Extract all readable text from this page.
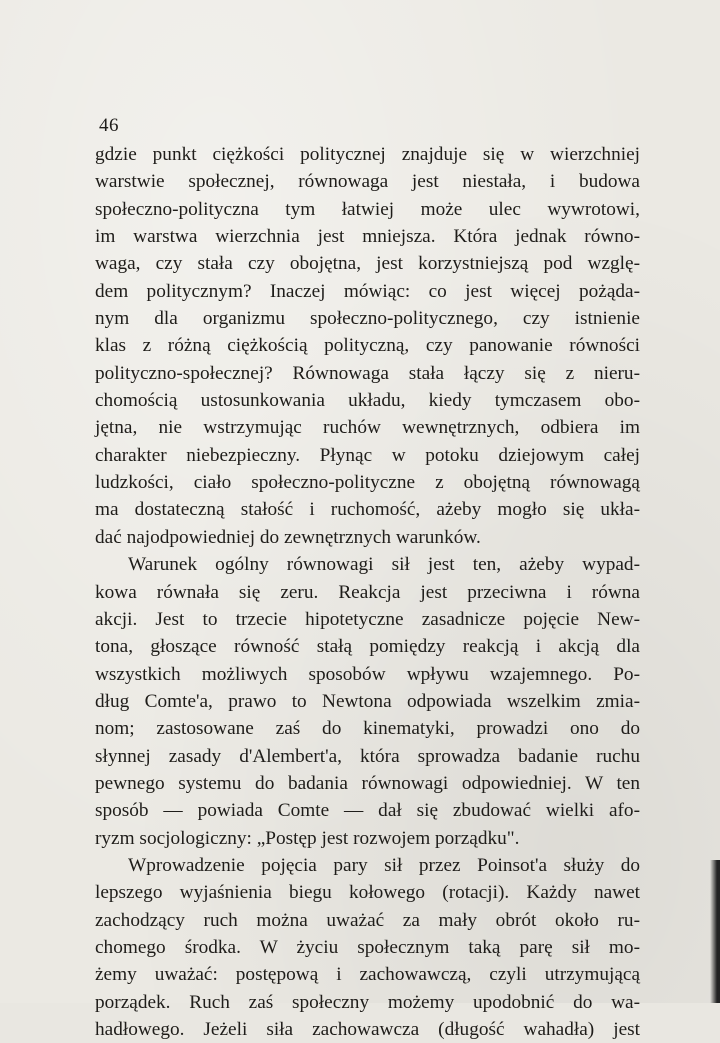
46
gdzie punkt ciężkości politycznej znajduje się w wierzchniej
warstwie społecznej, równowaga jest niestała, i budowa
społeczno-polityczna tym łatwiej może ulec wywrotowi,
im warstwa wierzchnia jest mniejsza. Która jednak równo-
waga, czy stała czy obojętna, jest korzystniejszą pod wzglę-
dem politycznym? Inaczej mówiąc: co jest więcej pożąda-
nym dla organizmu społeczno-politycznego, czy istnienie
klas z różną ciężkością polityczną, czy panowanie równości
polityczno-społecznej? Równowaga stała łączy się z nieru-
chomością ustosunkowania układu, kiedy tymczasem obo-
jętna, nie wstrzymując ruchów wewnętrznych, odbiera im
charakter niebezpieczny. Płynąc w potoku dziejowym całej
ludzkości, ciało społeczno-polityczne z obojętną równowagą
ma dostateczną stałość i ruchomość, ażeby mogło się ukła-
dać najodpowiedniej do zewnętrznych warunków.
Warunek ogólny równowagi sił jest ten, ażeby wypad-
kowa równała się zeru. Reakcja jest przeciwna i równa
akcji. Jest to trzecie hipotetyczne zasadnicze pojęcie New-
tona, głoszące równość stałą pomiędzy reakcją i akcją dla
wszystkich możliwych sposobów wpływu wzajemnego. Po-
dług Comte'a, prawo to Newtona odpowiada wszelkim zmia-
nom; zastosowane zaś do kinematyki, prowadzi ono do
słynnej zasady d'Alembert'a, która sprowadza badanie ruchu
pewnego systemu do badania równowagi odpowiedniej. W ten
sposób — powiada Comte — dał się zbudować wielki afo-
ryzm socjologiczny: „Postęp jest rozwojem porządku".
Wprowadzenie pojęcia pary sił przez Poinsot'a służy do
lepszego wyjaśnienia biegu kołowego (rotacji). Każdy nawet
zachodzący ruch można uważać za mały obrót około ru-
chomego środka. W życiu społecznym taką parę sił mo-
żemy uważać: postępową i zachowawczą, czyli utrzymującą
porządek. Ruch zaś społeczny możemy upodobnić do wa-
hadłowego. Jeżeli siła zachowawcza (długość wahadła) jest
